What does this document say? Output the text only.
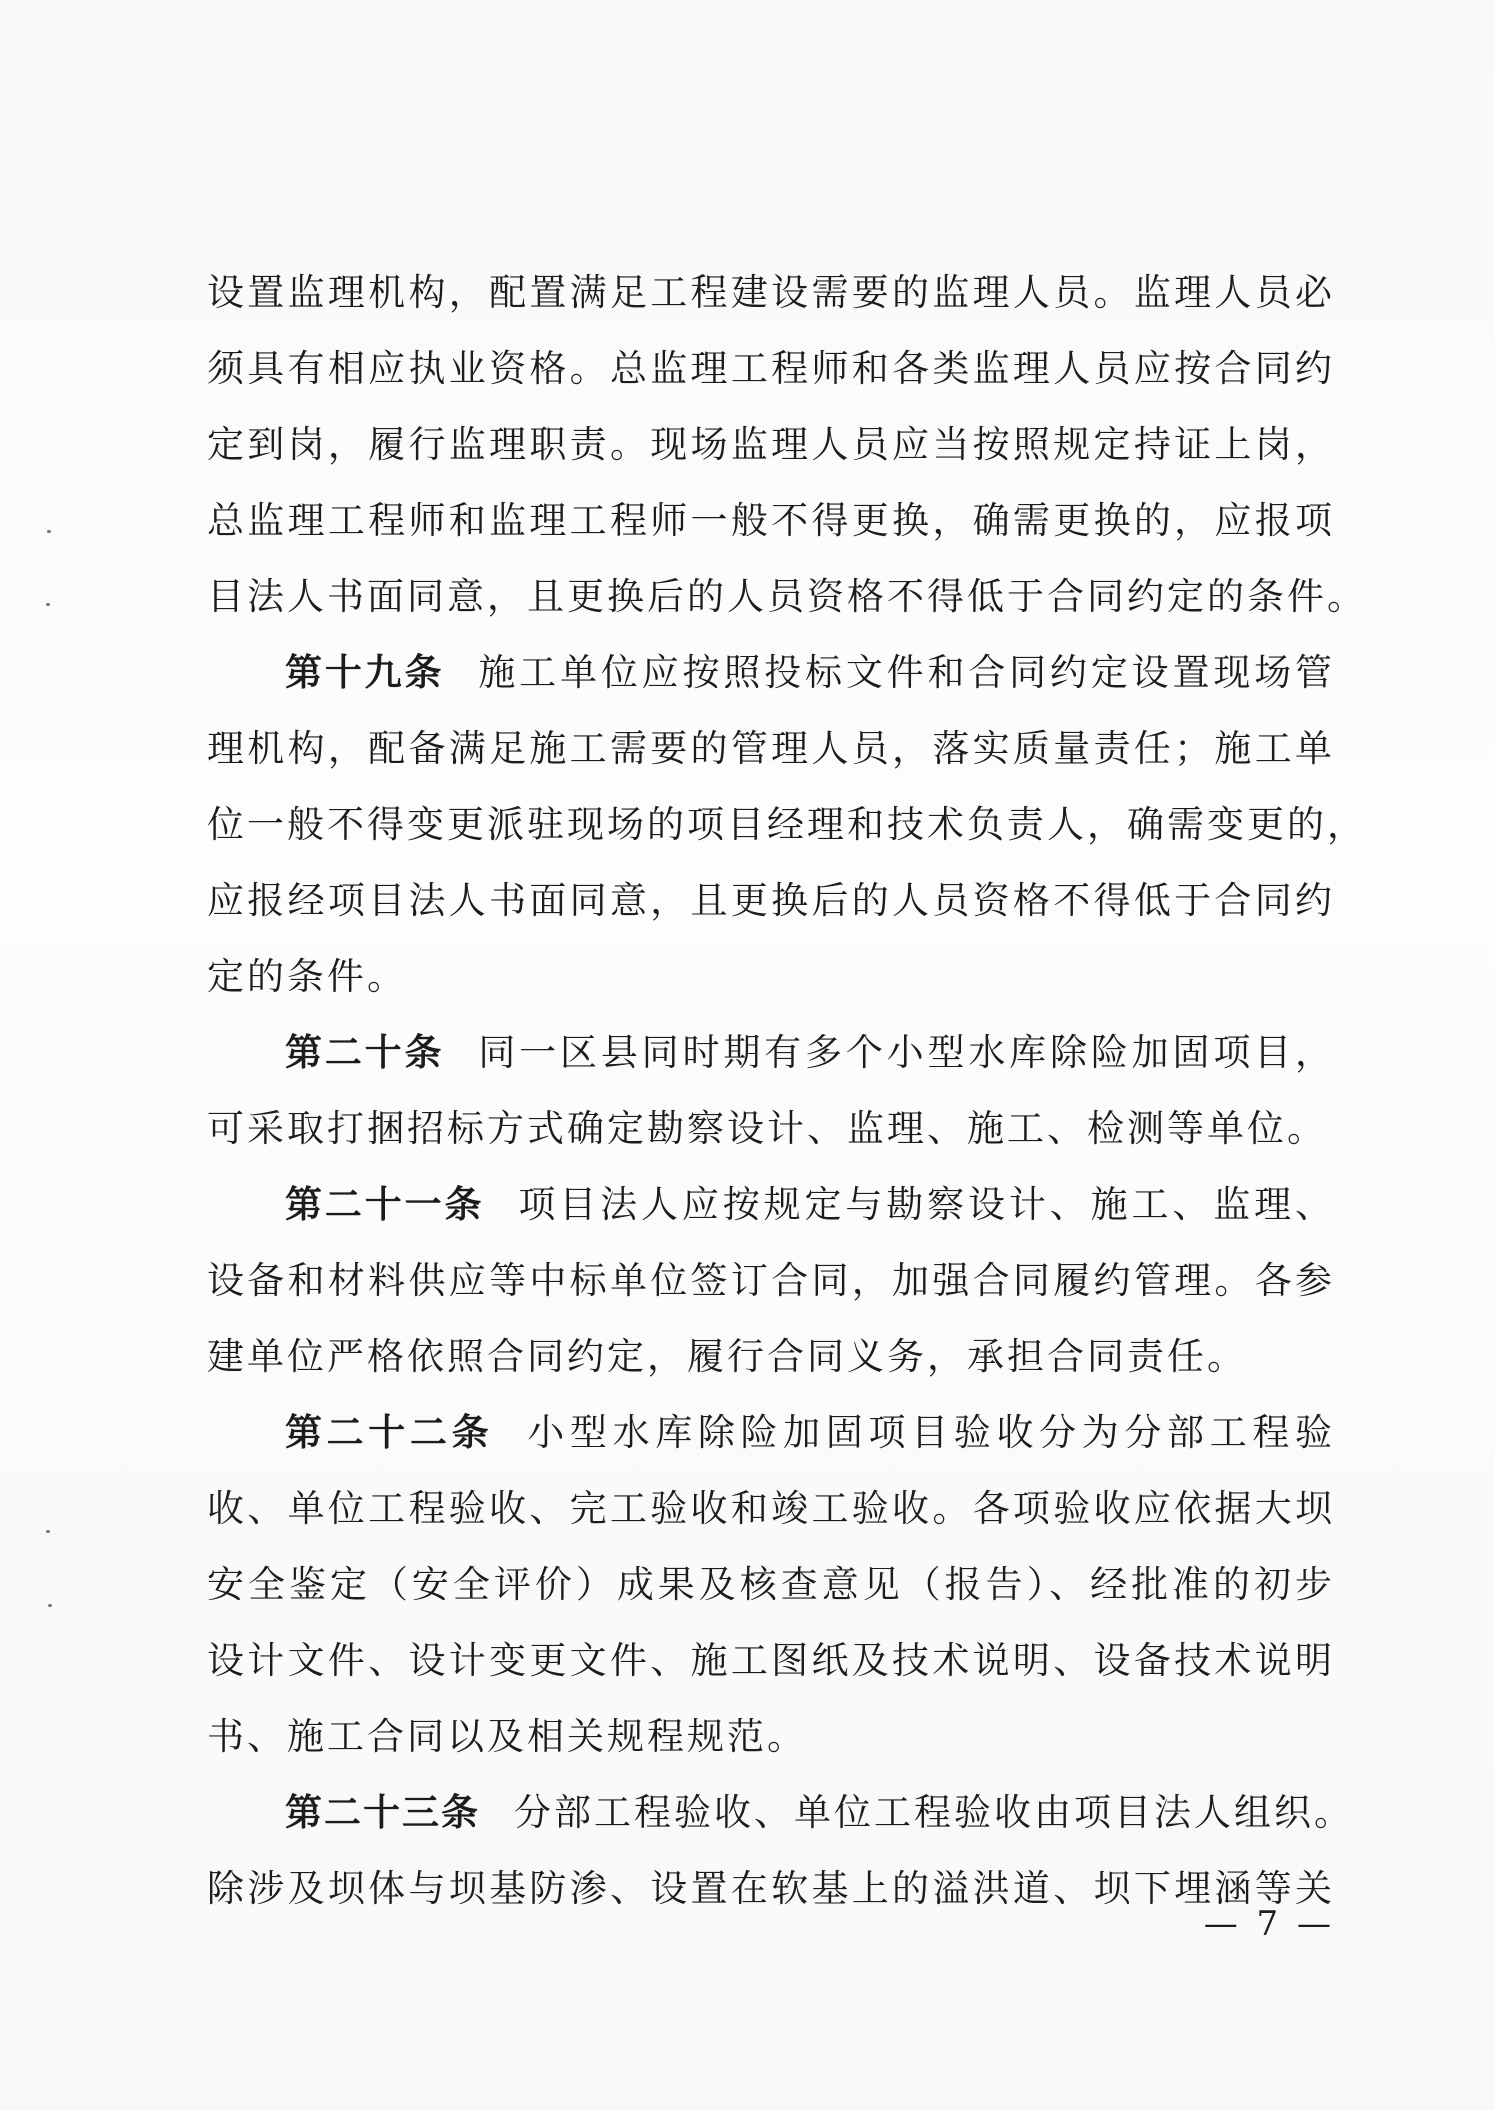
设置监理机构，配置满足工程建设需要的监理人员。监理人员必
须具有相应执业资格。总监理工程师和各类监理人员应按合同约
定到岗，履行监理职责。现场监理人员应当按照规定持证上岗，
总监理工程师和监理工程师一般不得更换，确需更换的，应报项
目法人书面同意，且更换后的人员资格不得低于合同约定的条件。
第十九条 施工单位应按照投标文件和合同约定设置现场管
理机构，配备满足施工需要的管理人员，落实质量责任；施工单
位一般不得变更派驻现场的项目经理和技术负责人，确需变更的，
应报经项目法人书面同意，且更换后的人员资格不得低于合同约
定的条件。
第二十条 同一区县同时期有多个小型水库除险加固项目，
可采取打捆招标方式确定勘察设计、监理、施工、检测等单位。
第二十一条 项目法人应按规定与勘察设计、施工、监理、
设备和材料供应等中标单位签订合同，加强合同履约管理。各参
建单位严格依照合同约定，履行合同义务，承担合同责任。
第二十二条 小型水库除险加固项目验收分为分部工程验
收、单位工程验收、完工验收和竣工验收。各项验收应依据大坝
安全鉴定（安全评价）成果及核查意见（报告）、经批准的初步
设计文件、设计变更文件、施工图纸及技术说明、设备技术说明
书、施工合同以及相关规程规范。
第二十三条 分部工程验收、单位工程验收由项目法人组织。
除涉及坝体与坝基防渗、设置在软基上的溢洪道、坝下埋涵等关
— 7 —
